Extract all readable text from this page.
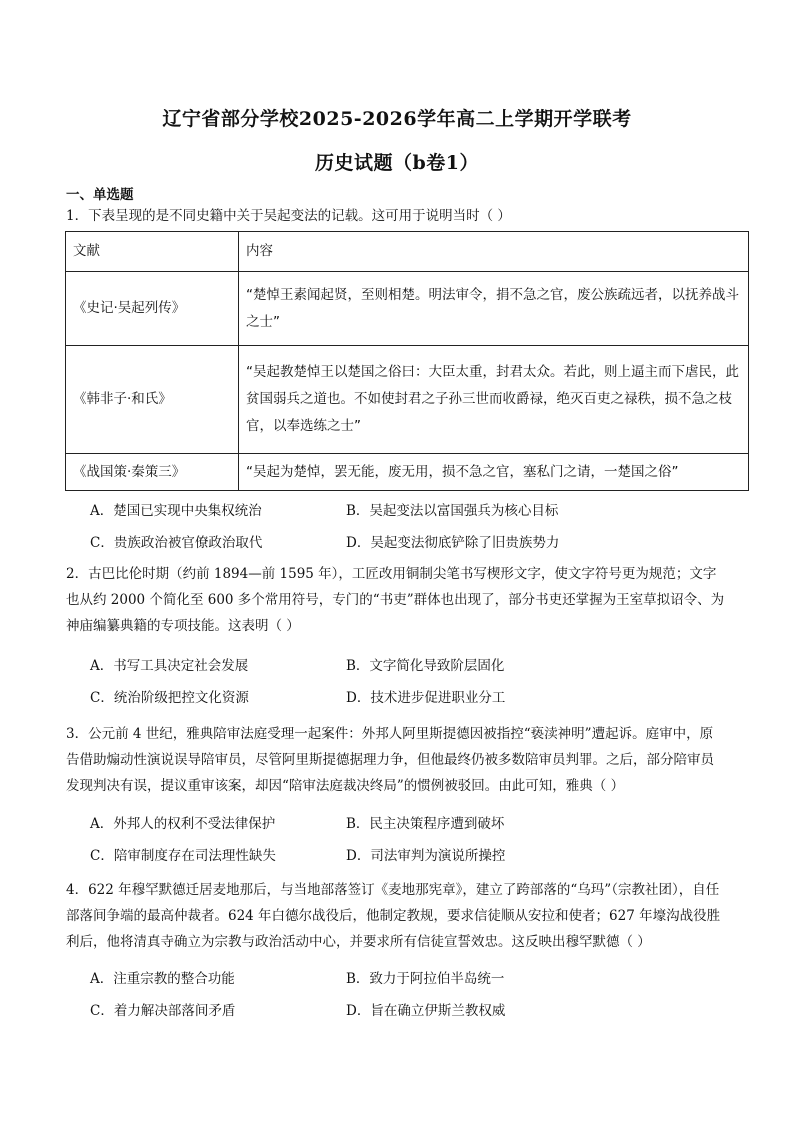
辽宁省部分学校2025-2026学年高二上学期开学联考
历史试题（b卷1）
一、单选题
1．下表呈现的是不同史籍中关于吴起变法的记载。这可用于说明当时（ ）
文献	内容
《史记·吴起列传》	“楚悼王素闻起贤，至则相楚。明法审令，捐不急之官，废公族疏远者，以抚养战斗之士”
《韩非子·和氏》	“吴起教楚悼王以楚国之俗曰：大臣太重，封君太众。若此，则上逼主而下虐民，此贫国弱兵之道也。不如使封君之子孙三世而收爵禄，绝灭百吏之禄秩，损不急之枝官，以奉选练之士”
《战国策·秦策三》	“吴起为楚悼，罢无能，废无用，损不急之官，塞私门之请，一楚国之俗”
A．楚国已实现中央集权统治	B．吴起变法以富国强兵为核心目标
C．贵族政治被官僚政治取代	D．吴起变法彻底铲除了旧贵族势力
2．古巴比伦时期（约前 1894—前 1595 年），工匠改用铜制尖笔书写楔形文字，使文字符号更为规范；文字也从约 2000 个简化至 600 多个常用符号，专门的“书吏”群体也出现了，部分书吏还掌握为王室草拟诏令、为神庙编纂典籍的专项技能。这表明（ ）
A．书写工具决定社会发展	B．文字简化导致阶层固化
C．统治阶级把控文化资源	D．技术进步促进职业分工
3．公元前 4 世纪，雅典陪审法庭受理一起案件：外邦人阿里斯提德因被指控“亵渎神明”遭起诉。庭审中，原告借助煽动性演说误导陪审员，尽管阿里斯提德据理力争，但他最终仍被多数陪审员判罪。之后，部分陪审员发现判决有误，提议重审该案，却因“陪审法庭裁决终局”的惯例被驳回。由此可知，雅典（ ）
A．外邦人的权利不受法律保护	B．民主决策程序遭到破坏
C．陪审制度存在司法理性缺失	D．司法审判为演说所操控
4．622 年穆罕默德迁居麦地那后，与当地部落签订《麦地那宪章》，建立了跨部落的“乌玛”（宗教社团），自任部落间争端的最高仲裁者。624 年白德尔战役后，他制定教规，要求信徒顺从安拉和使者；627 年壕沟战役胜利后，他将清真寺确立为宗教与政治活动中心，并要求所有信徒宣誓效忠。这反映出穆罕默德（ ）
A．注重宗教的整合功能	B．致力于阿拉伯半岛统一
C．着力解决部落间矛盾	D．旨在确立伊斯兰教权威
